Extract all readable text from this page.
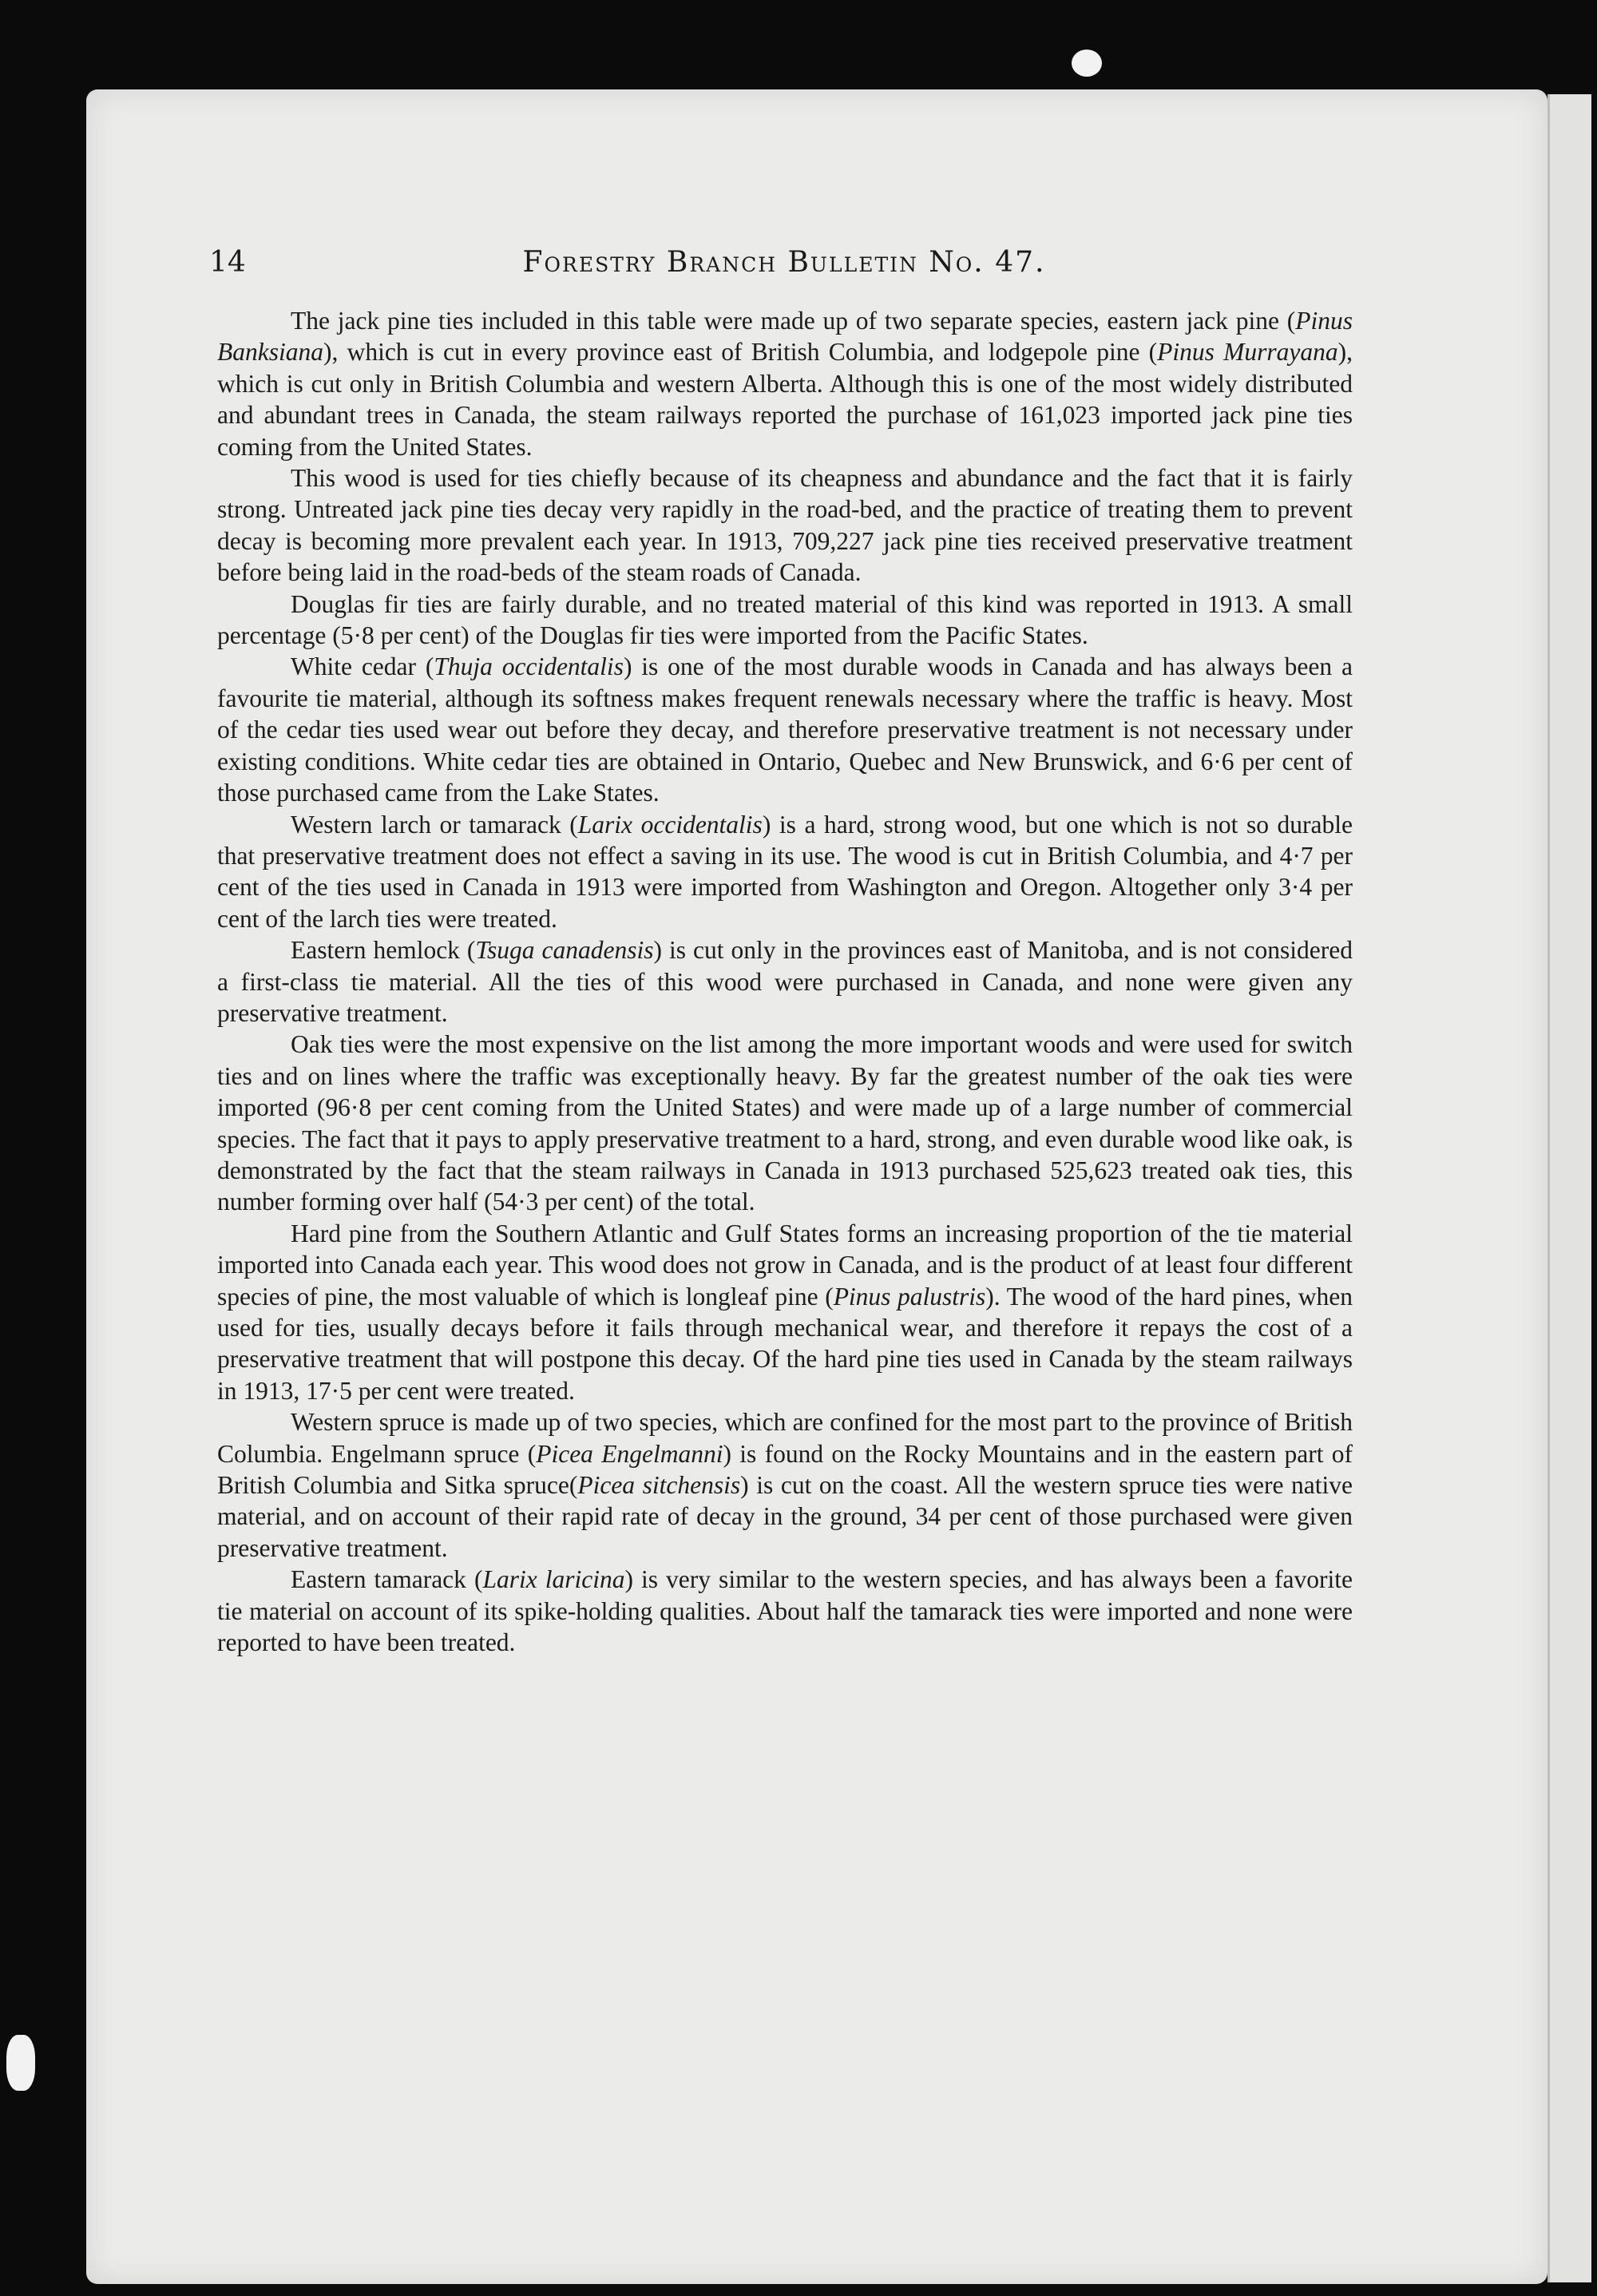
14	Forestry Branch Bulletin No. 47.

The jack pine ties included in this table were made up of two separate species, eastern jack pine (Pinus Banksiana), which is cut in every province east of British Columbia, and lodgepole pine (Pinus Murrayana), which is cut only in British Columbia and western Alberta. Although this is one of the most widely distributed and abundant trees in Canada, the steam railways reported the purchase of 161,023 imported jack pine ties coming from the United States.

This wood is used for ties chiefly because of its cheapness and abundance and the fact that it is fairly strong. Untreated jack pine ties decay very rapidly in the road-bed, and the practice of treating them to prevent decay is becoming more prevalent each year. In 1913, 709,227 jack pine ties received preservative treatment before being laid in the road-beds of the steam roads of Canada.

Douglas fir ties are fairly durable, and no treated material of this kind was reported in 1913. A small percentage (5·8 per cent) of the Douglas fir ties were imported from the Pacific States.

White cedar (Thuja occidentalis) is one of the most durable woods in Canada and has always been a favourite tie material, although its softness makes frequent renewals necessary where the traffic is heavy. Most of the cedar ties used wear out before they decay, and therefore preservative treatment is not necessary under existing conditions. White cedar ties are obtained in Ontario, Quebec and New Brunswick, and 6·6 per cent of those purchased came from the Lake States.

Western larch or tamarack (Larix occidentalis) is a hard, strong wood, but one which is not so durable that preservative treatment does not effect a saving in its use. The wood is cut in British Columbia, and 4·7 per cent of the ties used in Canada in 1913 were imported from Washington and Oregon. Altogether only 3·4 per cent of the larch ties were treated.

Eastern hemlock (Tsuga canadensis) is cut only in the provinces east of Manitoba, and is not considered a first-class tie material. All the ties of this wood were purchased in Canada, and none were given any preservative treatment.

Oak ties were the most expensive on the list among the more important woods and were used for switch ties and on lines where the traffic was exceptionally heavy. By far the greatest number of the oak ties were imported (96·8 per cent coming from the United States) and were made up of a large number of commercial species. The fact that it pays to apply preservative treatment to a hard, strong, and even durable wood like oak, is demonstrated by the fact that the steam railways in Canada in 1913 purchased 525,623 treated oak ties, this number forming over half (54·3 per cent) of the total.

Hard pine from the Southern Atlantic and Gulf States forms an increasing proportion of the tie material imported into Canada each year. This wood does not grow in Canada, and is the product of at least four different species of pine, the most valuable of which is longleaf pine (Pinus palustris). The wood of the hard pines, when used for ties, usually decays before it fails through mechanical wear, and therefore it repays the cost of a preservative treatment that will postpone this decay. Of the hard pine ties used in Canada by the steam railways in 1913, 17·5 per cent were treated.

Western spruce is made up of two species, which are confined for the most part to the province of British Columbia. Engelmann spruce (Picea Engelmanni) is found on the Rocky Mountains and in the eastern part of British Columbia and Sitka spruce(Picea sitchensis) is cut on the coast. All the western spruce ties were native material, and on account of their rapid rate of decay in the ground, 34 per cent of those purchased were given preservative treatment.

Eastern tamarack (Larix laricina) is very similar to the western species, and has always been a favorite tie material on account of its spike-holding qualities. About half the tamarack ties were imported and none were reported to have been treated.
